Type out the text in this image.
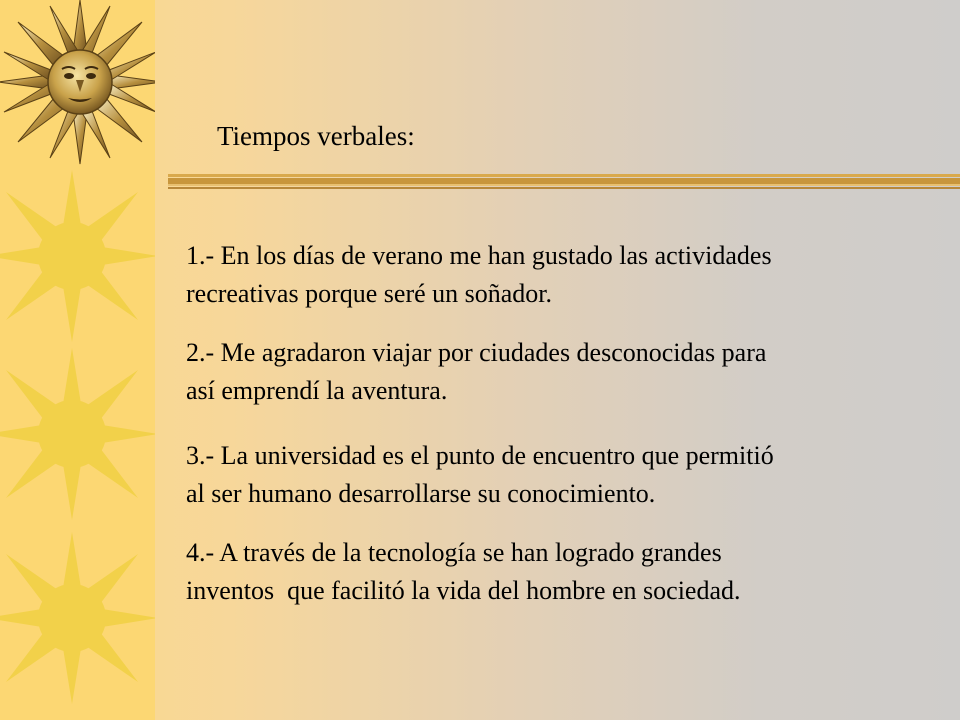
Tiempos verbales:
1.- En los días de verano me han gustado las actividades
recreativas porque seré un soñador.
2.- Me agradaron viajar por ciudades desconocidas para
así emprendí la aventura.
3.- La universidad es el punto de encuentro que permitió
al ser humano desarrollarse su conocimiento.
4.- A través de la tecnología se han logrado grandes
inventos  que facilitó la vida del hombre en sociedad.
